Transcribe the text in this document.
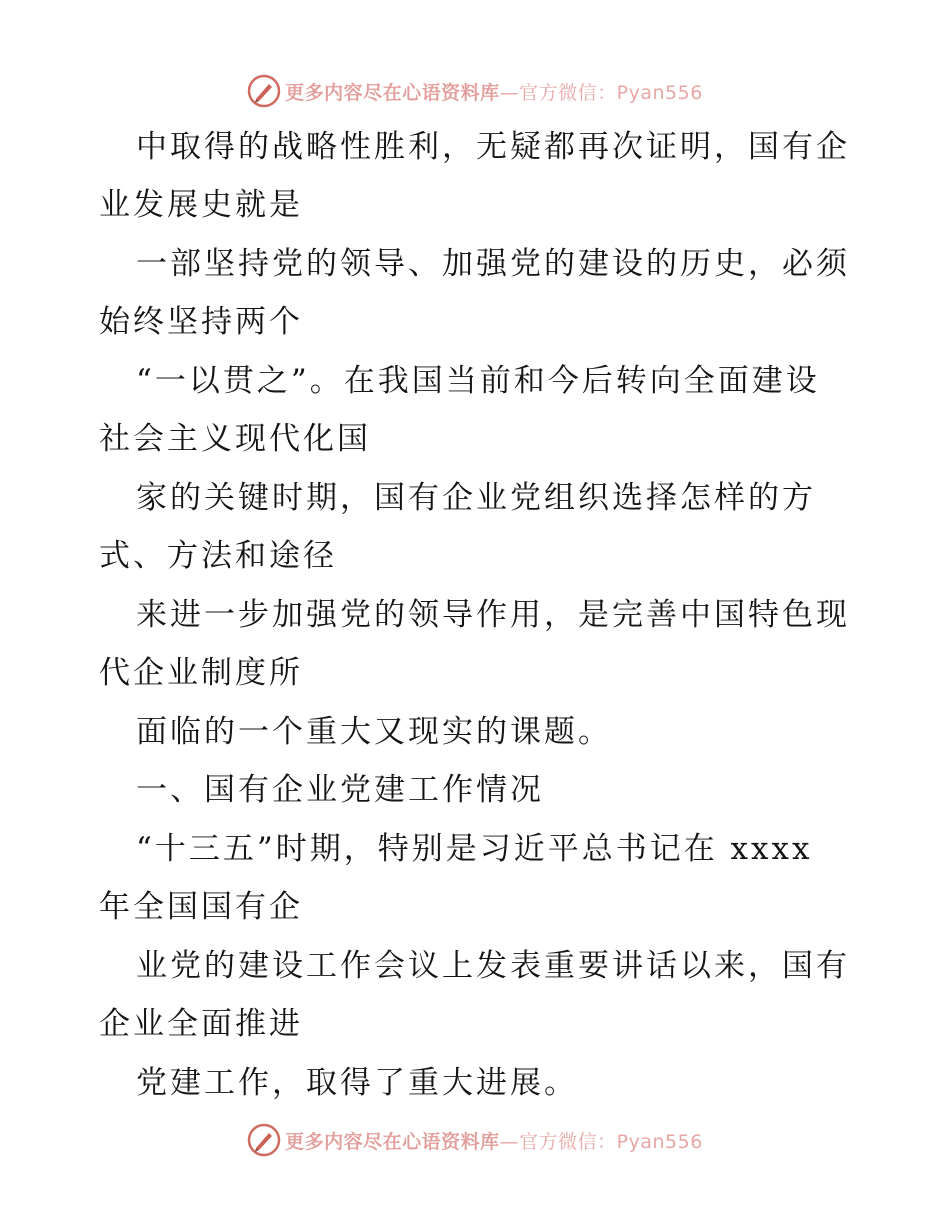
更多内容尽在心语资料库—官方微信：Pyan556
中取得的战略性胜利，无疑都再次证明，国有企
业发展史就是
一部坚持党的领导、加强党的建设的历史，必须
始终坚持两个
“一以贯之”。在我国当前和今后转向全面建设
社会主义现代化国
家的关键时期，国有企业党组织选择怎样的方
式、方法和途径
来进一步加强党的领导作用，是完善中国特色现
代企业制度所
面临的一个重大又现实的课题。
一、国有企业党建工作情况
“十三五”时期，特别是习近平总书记在 xxxx
年全国国有企
业党的建设工作会议上发表重要讲话以来，国有
企业全面推进
党建工作，取得了重大进展。
更多内容尽在心语资料库—官方微信：Pyan556
